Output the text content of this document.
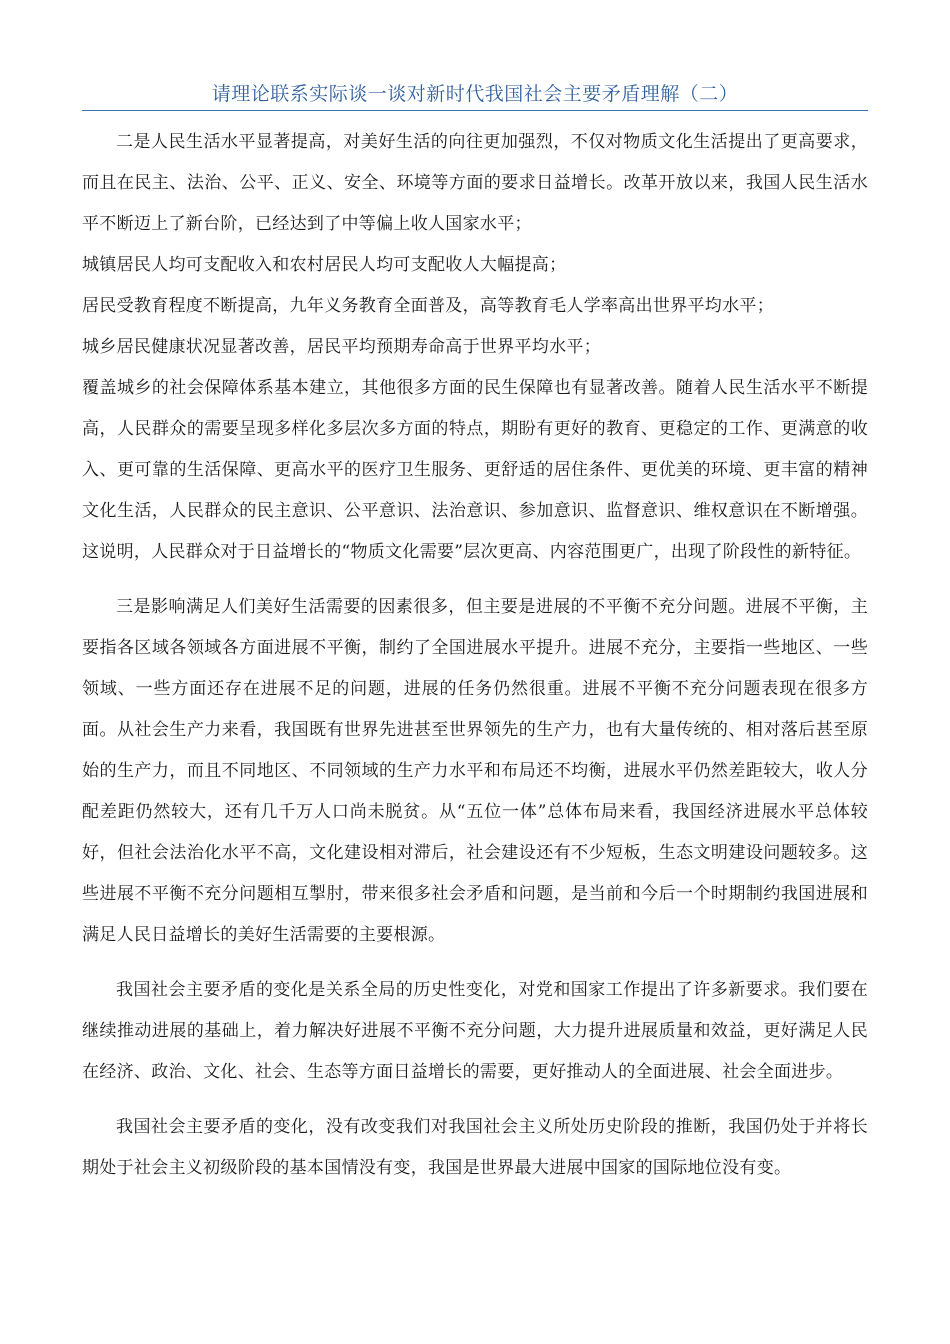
请理论联系实际谈一谈对新时代我国社会主要矛盾理解（二）

二是人民生活水平显著提高，对美好生活的向往更加强烈，不仅对物质文化生活提出了更高要求，而且在民主、法治、公平、正义、安全、环境等方面的要求日益增长。改革开放以来，我国人民生活水平不断迈上了新台阶，已经达到了中等偏上收人国家水平；

城镇居民人均可支配收入和农村居民人均可支配收人大幅提高；

居民受教育程度不断提高，九年义务教育全面普及，高等教育毛人学率高出世界平均水平；

城乡居民健康状况显著改善，居民平均预期寿命高于世界平均水平；

覆盖城乡的社会保障体系基本建立，其他很多方面的民生保障也有显著改善。随着人民生活水平不断提高，人民群众的需要呈现多样化多层次多方面的特点，期盼有更好的教育、更稳定的工作、更满意的收入、更可靠的生活保障、更高水平的医疗卫生服务、更舒适的居住条件、更优美的环境、更丰富的精神文化生活，人民群众的民主意识、公平意识、法治意识、参加意识、监督意识、维权意识在不断增强。这说明，人民群众对于日益增长的“物质文化需要”层次更高、内容范围更广，出现了阶段性的新特征。

三是影响满足人们美好生活需要的因素很多，但主要是进展的不平衡不充分问题。进展不平衡，主要指各区域各领域各方面进展不平衡，制约了全国进展水平提升。进展不充分，主要指一些地区、一些领域、一些方面还存在进展不足的问题，进展的任务仍然很重。进展不平衡不充分问题表现在很多方面。从社会生产力来看，我国既有世界先进甚至世界领先的生产力，也有大量传统的、相对落后甚至原始的生产力，而且不同地区、不同领域的生产力水平和布局还不均衡，进展水平仍然差距较大，收人分配差距仍然较大，还有几千万人口尚未脱贫。从“五位一体”总体布局来看，我国经济进展水平总体较好，但社会法治化水平不高，文化建设相对滞后，社会建设还有不少短板，生态文明建设问题较多。这些进展不平衡不充分问题相互掣肘，带来很多社会矛盾和问题，是当前和今后一个时期制约我国进展和满足人民日益增长的美好生活需要的主要根源。

我国社会主要矛盾的变化是关系全局的历史性变化，对党和国家工作提出了许多新要求。我们要在继续推动进展的基础上，着力解决好进展不平衡不充分问题，大力提升进展质量和效益，更好满足人民在经济、政治、文化、社会、生态等方面日益增长的需要，更好推动人的全面进展、社会全面进步。

我国社会主要矛盾的变化，没有改变我们对我国社会主义所处历史阶段的推断，我国仍处于并将长期处于社会主义初级阶段的基本国情没有变，我国是世界最大进展中国家的国际地位没有变。
